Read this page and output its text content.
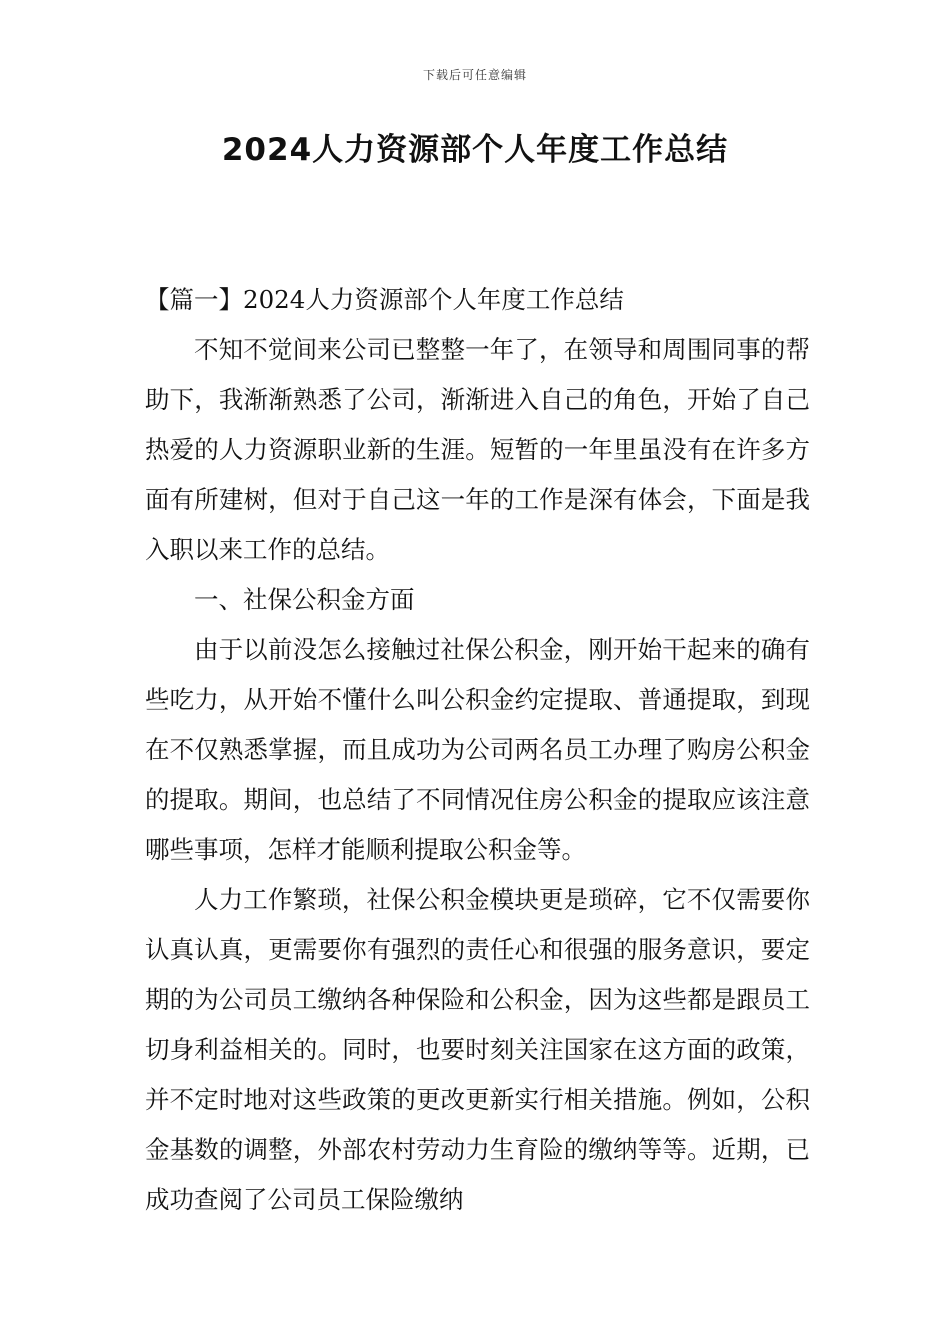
下载后可任意编辑
2024人力资源部个人年度工作总结

【篇一】2024人力资源部个人年度工作总结

不知不觉间来公司已整整一年了，在领导和周围同事的帮助下，我渐渐熟悉了公司，渐渐进入自己的角色，开始了自己热爱的人力资源职业新的生涯。短暂的一年里虽没有在许多方面有所建树，但对于自己这一年的工作是深有体会，下面是我入职以来工作的总结。

一、社保公积金方面

由于以前没怎么接触过社保公积金，刚开始干起来的确有些吃力，从开始不懂什么叫公积金约定提取、普通提取，到现在不仅熟悉掌握，而且成功为公司两名员工办理了购房公积金的提取。期间，也总结了不同情况住房公积金的提取应该注意哪些事项，怎样才能顺利提取公积金等。

人力工作繁琐，社保公积金模块更是琐碎，它不仅需要你认真认真，更需要你有强烈的责任心和很强的服务意识，要定期的为公司员工缴纳各种保险和公积金，因为这些都是跟员工切身利益相关的。同时，也要时刻关注国家在这方面的政策，并不定时地对这些政策的更改更新实行相关措施。例如，公积金基数的调整，外部农村劳动力生育险的缴纳等等。近期，已成功查阅了公司员工保险缴纳
